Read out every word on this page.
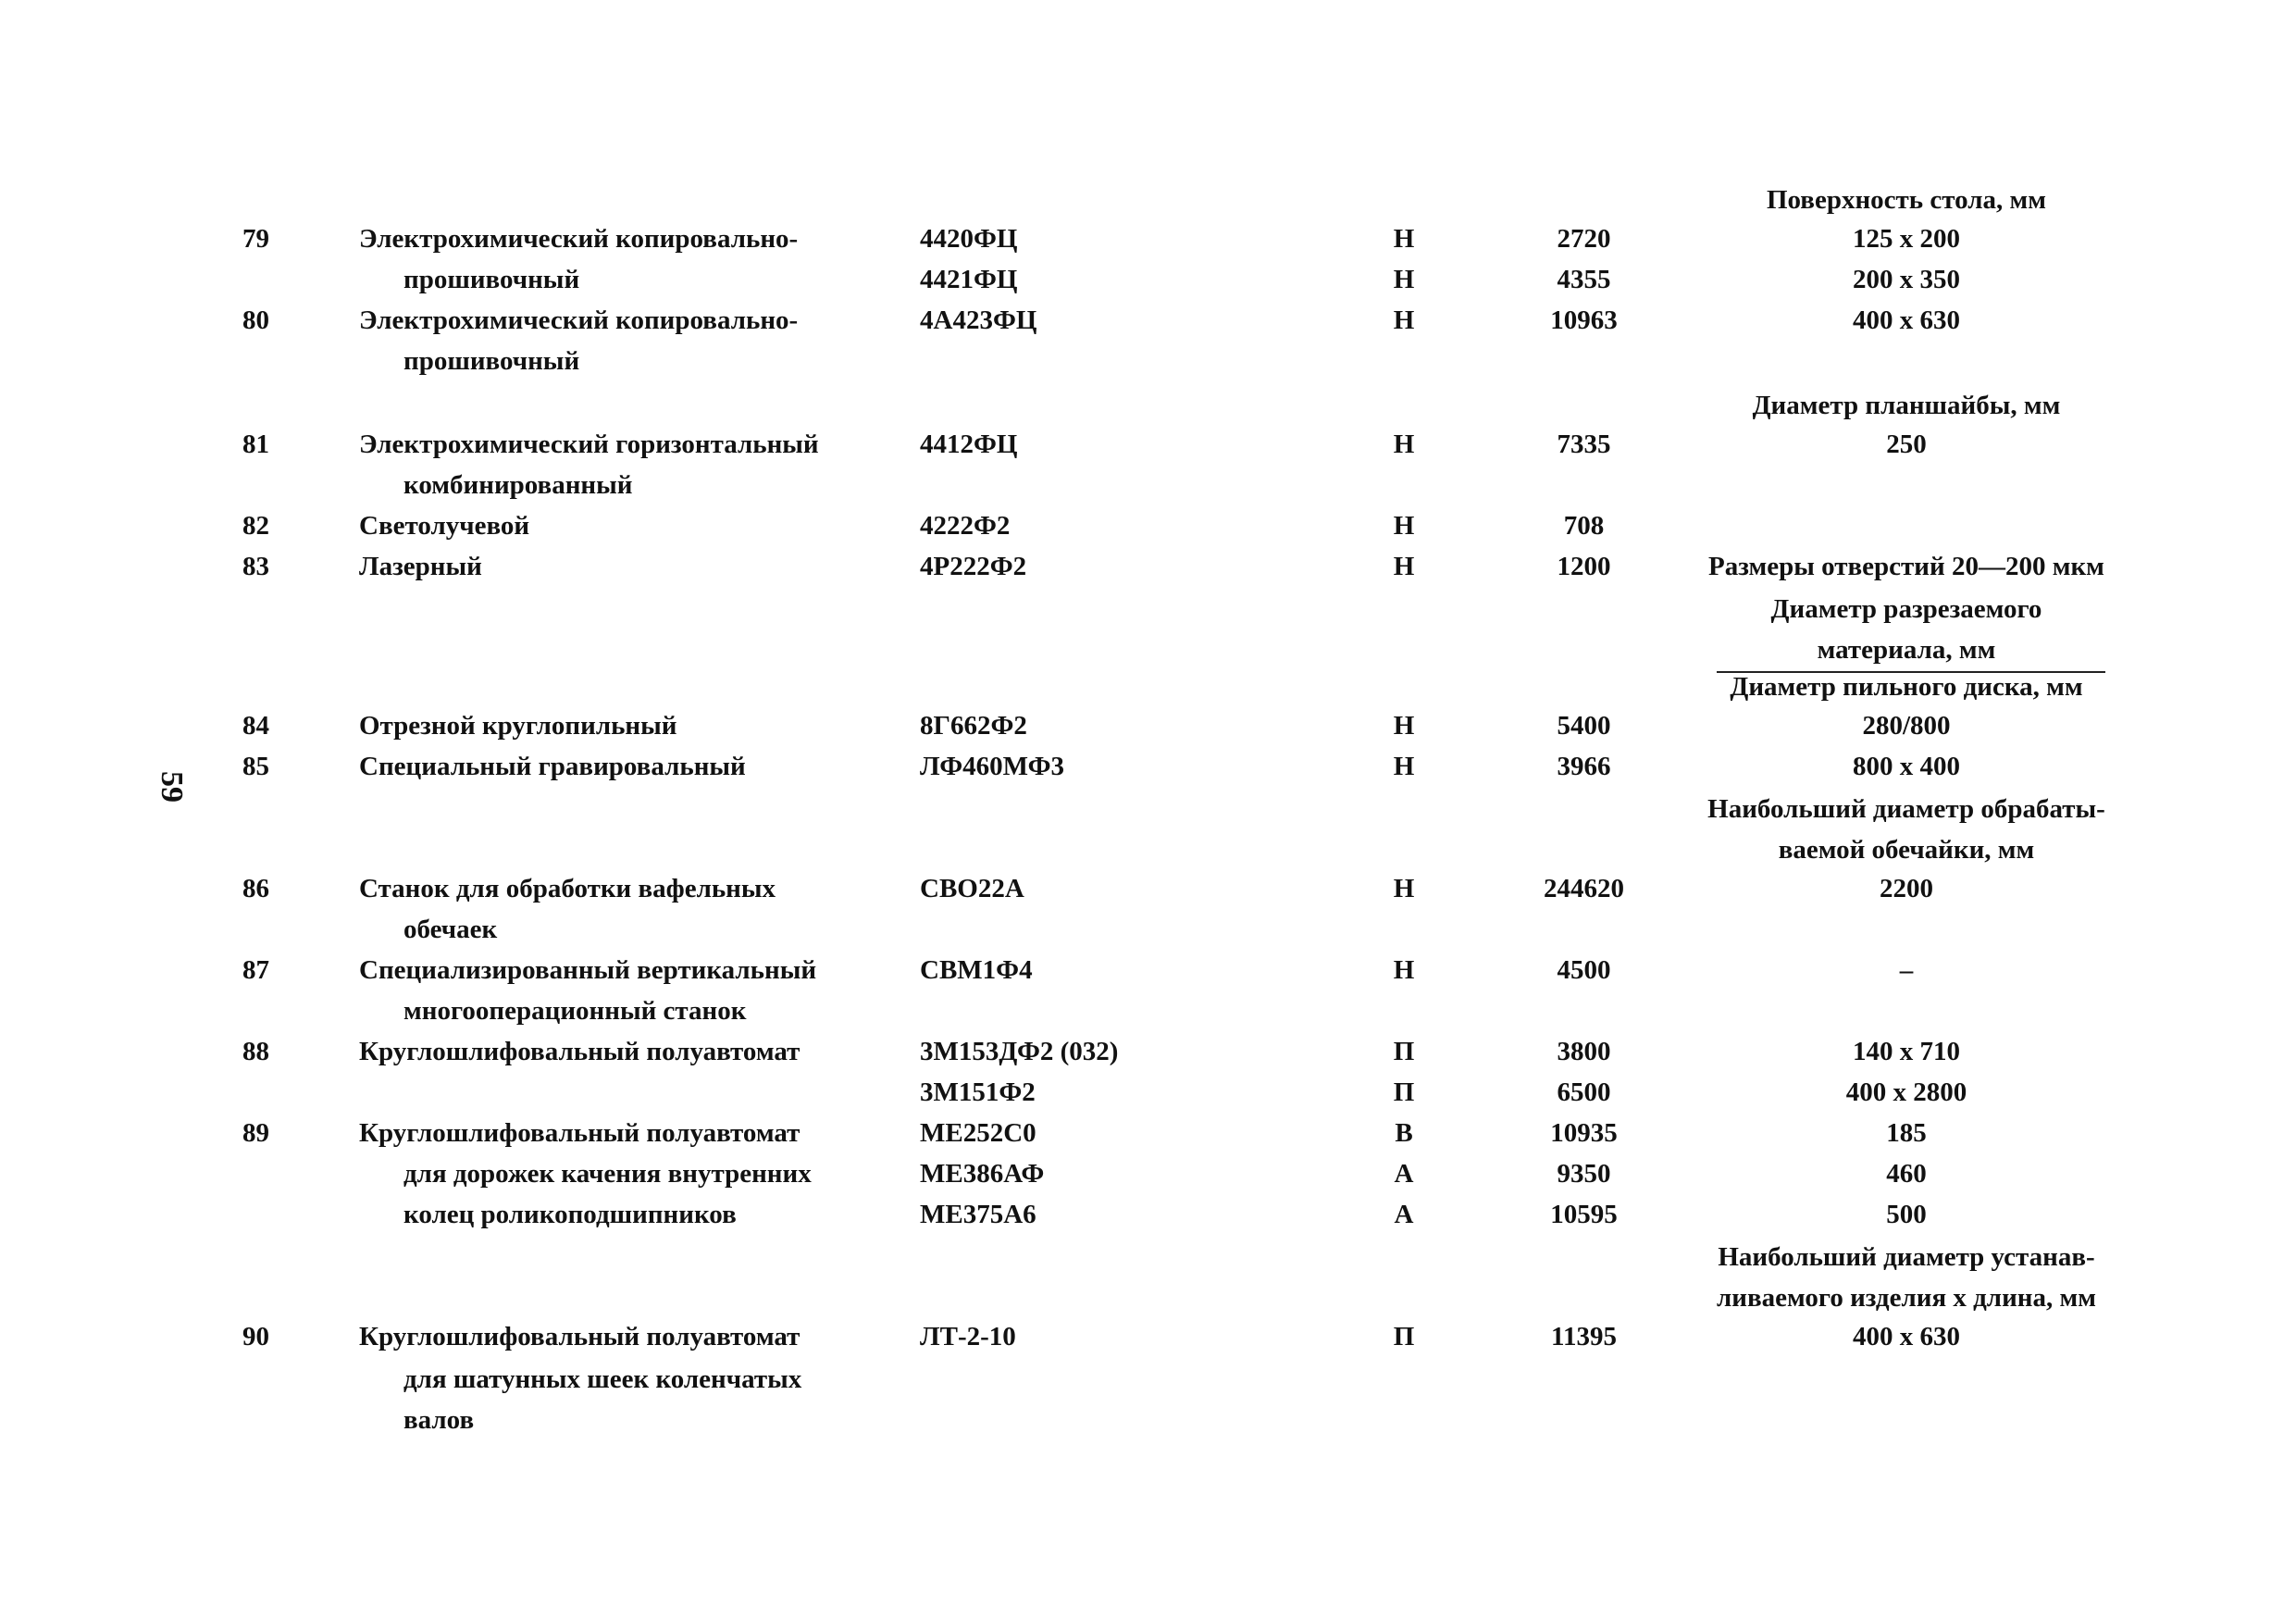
59
Поверхность стола, мм
79	Электрохимический копировально-	4420ФЦ	Н	2720	125 x 200
прошивочный	4421ФЦ	Н	4355	200 x 350
80	Электрохимический копировально-	4А423ФЦ	Н	10963	400 x 630
прошивочный
Диаметр планшайбы, мм
81	Электрохимический горизонтальный	4412ФЦ	Н	7335	250
комбинированный
82	Светолучевой	4222Ф2	Н	708
83	Лазерный	4Р222Ф2	Н	1200	Размеры отверстий 20—200 мкм
Диаметр разрезаемого
материала, мм
Диаметр пильного диска, мм
84	Отрезной круглопильный	8Г662Ф2	Н	5400	280/800
85	Специальный гравировальный	ЛФ460МФ3	Н	3966	800 x 400
Наибольший диаметр обрабаты-
ваемой обечайки, мм
86	Станок для обработки вафельных	СВО22А	Н	244620	2200
обечаек
87	Специализированный вертикальный	СВМ1Ф4	Н	4500	–
многооперационный станок
88	Круглошлифовальный полуавтомат	3М153ДФ2 (032)	П	3800	140 x 710
3М151Ф2	П	6500	400 x 2800
89	Круглошлифовальный полуавтомат	МЕ252С0	В	10935	185
для дорожек качения внутренних	МЕ386АФ	А	9350	460
колец роликоподшипников	МЕ375А6	А	10595	500
Наибольший диаметр устанав-
ливаемого изделия x длина, мм
90	Круглошлифовальный полуавтомат	ЛТ-2-10	П	11395	400 x 630
для шатунных шеек коленчатых
валов
